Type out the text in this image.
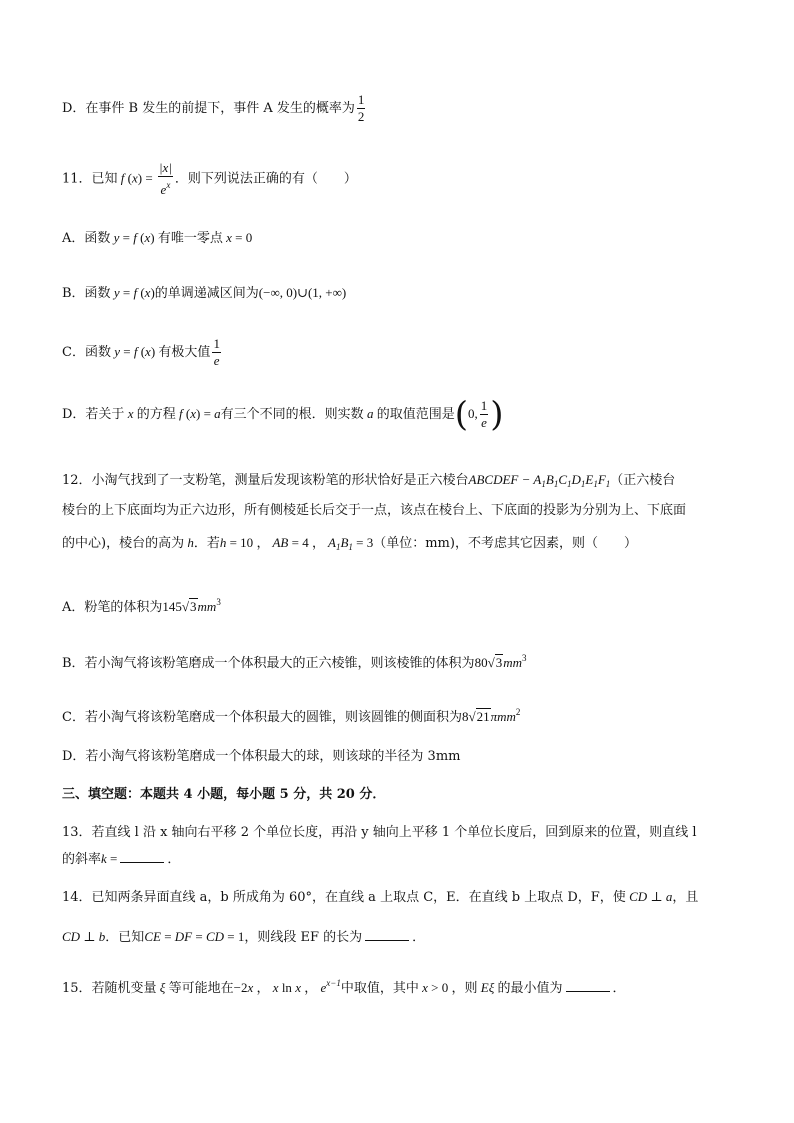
D．在事件 B 发生的前提下，事件 A 发生的概率为 $\frac{1}{2}$
11．已知 f $(x) = \frac{|x|}{e^x}$ ．则下列说法正确的有（　　）
A．函数 y = f (x) 有唯一零点 x = 0
B．函数 y = f (x)的单调递减区间为(−∞, 0)∪(1, +∞)
C．函数 y = f (x) 有极大值 $\frac{1}{e}$
D．若关于 x 的方程 f (x) = a有三个不同的根．则实数 a 的取值范围是(0, $\frac{1}{e}$ )
12．小淘气找到了一支粉笔，测量后发现该粉笔的形状恰好是正六棱台ABCDEF − $A_1B_1C_1D_1E_1F_1$（正六棱台
棱台的上下底面均为正六边形，所有侧棱延长后交于一点，该点在棱台上、下底面的投影为分别为上、下底面
的中心)，棱台的高为 h．若h = 10 ， AB = 4 ， $A_1B_1 = 3$（单位：mm)，不考虑其它因素，则（　　）
A．粉笔的体积为$145√3mm^3$
B．若小淘气将该粉笔磨成一个体积最大的正六棱锥，则该棱锥的体积为$80√3mm^3$
C．若小淘气将该粉笔磨成一个体积最大的圆锥，则该圆锥的侧面积为8√21πmm$^2$
D．若小淘气将该粉笔磨成一个体积最大的球，则该球的半径为 3mm
三、填空题：本题共 4 小题，每小题 5 分，共 20 分．
13．若直线 l 沿 x 轴向右平移 2 个单位长度，再沿 y 轴向上平移 1 个单位长度后，回到原来的位置，则直线 l
的斜率k =	．
14．已知两条异面直线 a，b 所成角为 60°，在直线 a 上取点 C，E．在直线 b 上取点 D，F，使 CD ⊥ a，且
CD ⊥ b．已知CE = DF = CD = 1，则线段 EF 的长为	．
15．若随机变量 ξ 等可能地在−2x ， x ln x ， $e^{x-1}$中取值，其中 x > 0 ，则 Eξ 的最小值为	．
